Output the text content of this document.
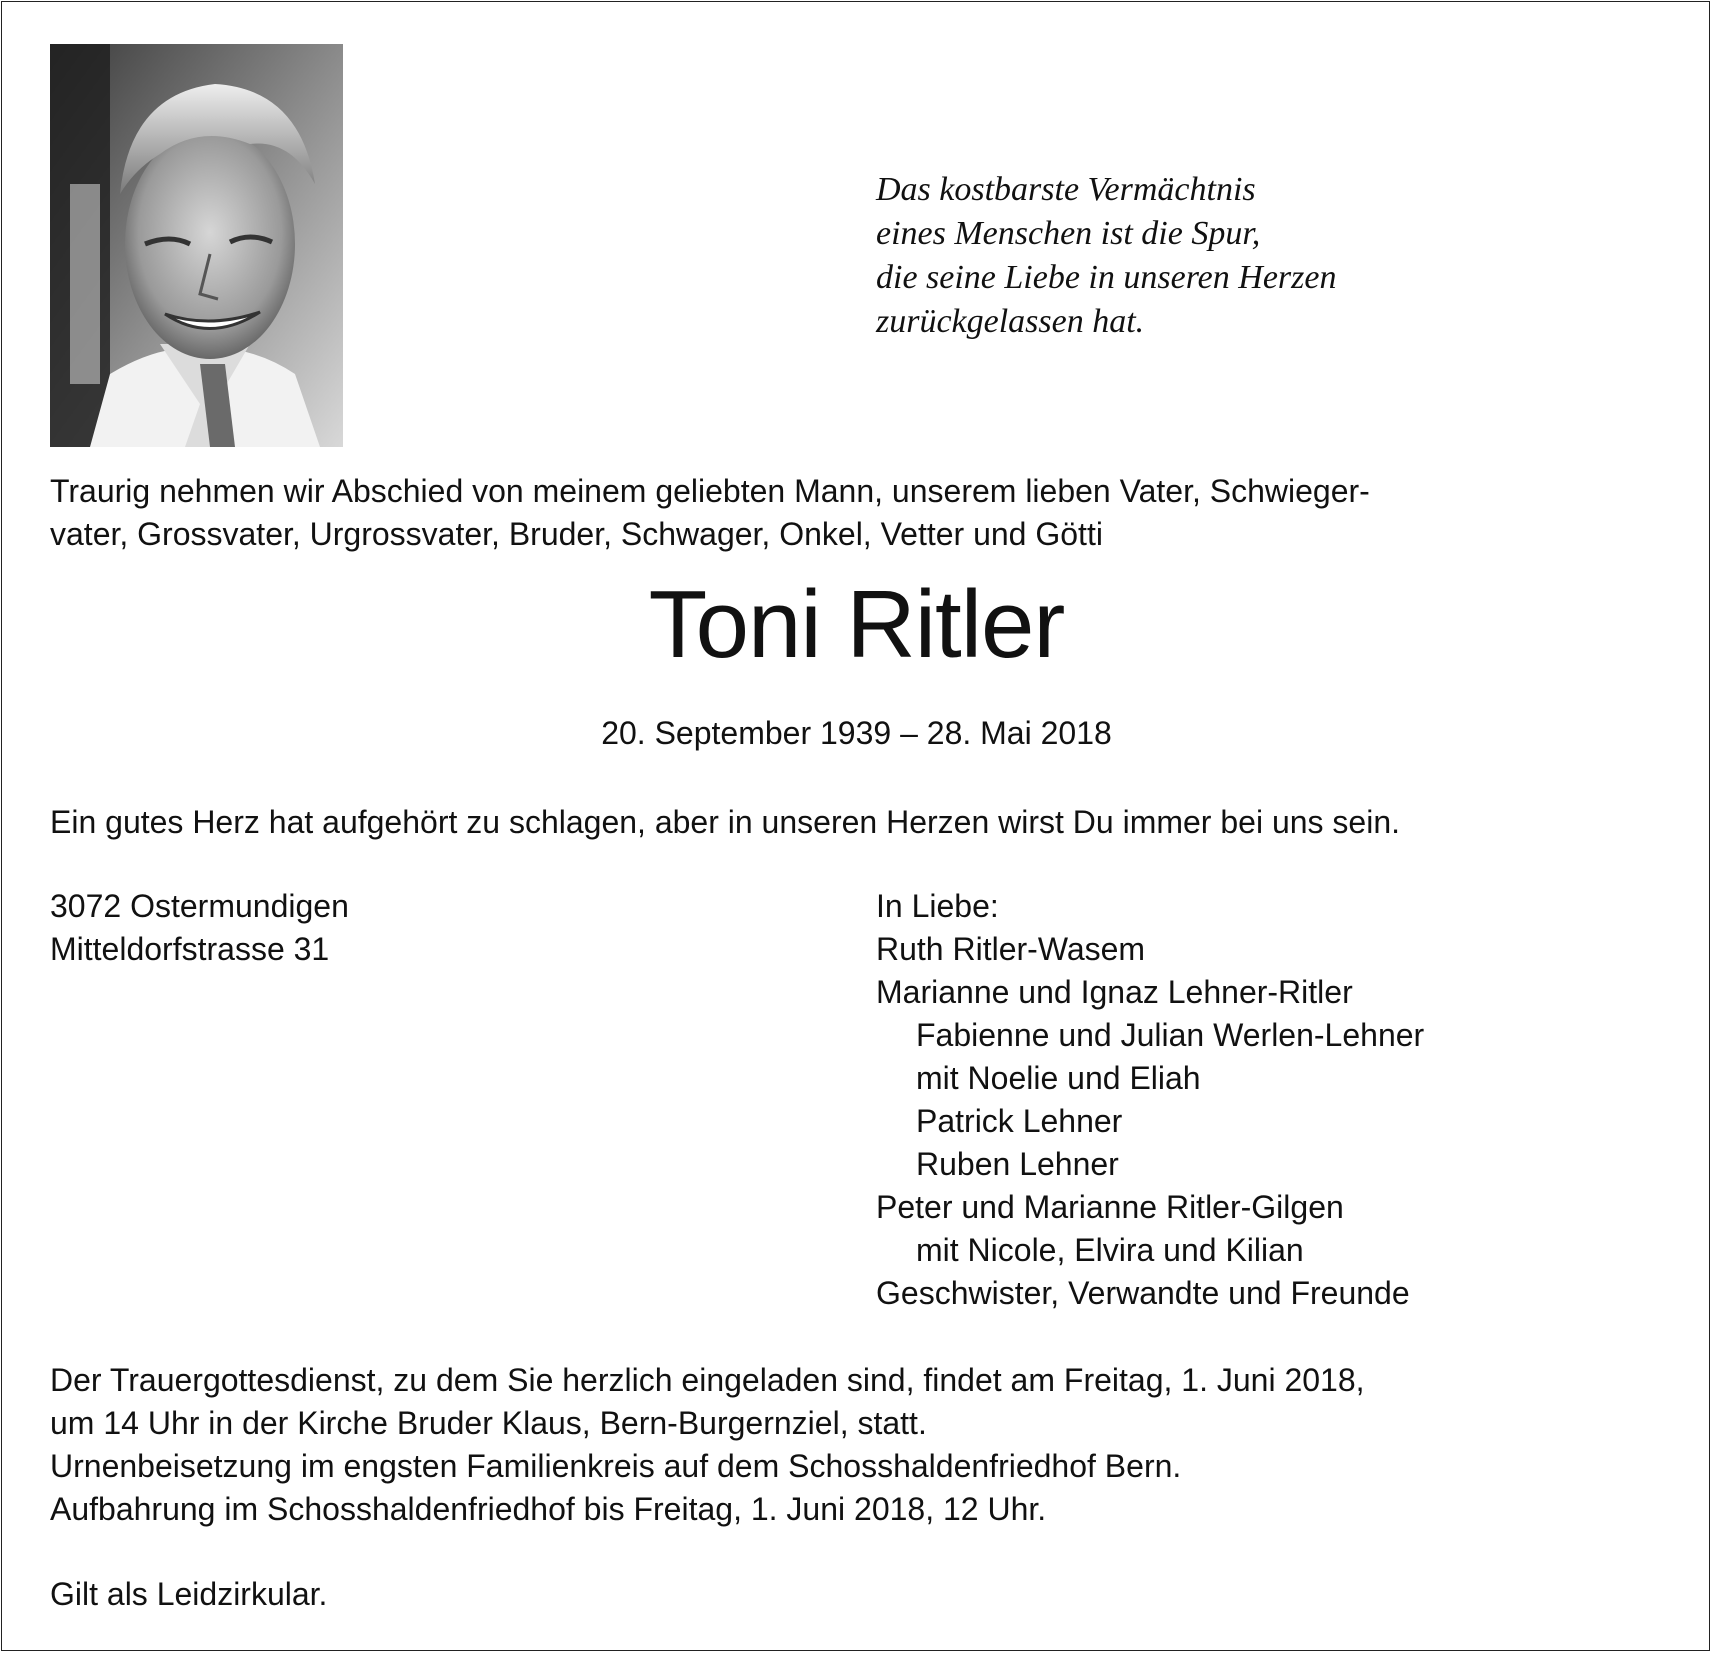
Das kostbarste Vermächtnis
eines Menschen ist die Spur,
die seine Liebe in unseren Herzen
zurückgelassen hat.
Traurig nehmen wir Abschied von meinem geliebten Mann, unserem lieben Vater, Schwieger-
vater, Grossvater, Urgrossvater, Bruder, Schwager, Onkel, Vetter und Götti
Toni Ritler
20. September 1939 – 28. Mai 2018
Ein gutes Herz hat aufgehört zu schlagen, aber in unseren Herzen wirst Du immer bei uns sein.
3072 Ostermundigen
Mitteldorfstrasse 31
In Liebe:
Ruth Ritler-Wasem
Marianne und Ignaz Lehner-Ritler
Fabienne und Julian Werlen-Lehner
mit Noelie und Eliah
Patrick Lehner
Ruben Lehner
Peter und Marianne Ritler-Gilgen
mit Nicole, Elvira und Kilian
Geschwister, Verwandte und Freunde
Der Trauergottesdienst, zu dem Sie herzlich eingeladen sind, findet am Freitag, 1. Juni 2018,
um 14 Uhr in der Kirche Bruder Klaus, Bern-Burgernziel, statt.
Urnenbeisetzung im engsten Familienkreis auf dem Schosshaldenfriedhof Bern.
Aufbahrung im Schosshaldenfriedhof bis Freitag, 1. Juni 2018, 12 Uhr.
Gilt als Leidzirkular.
